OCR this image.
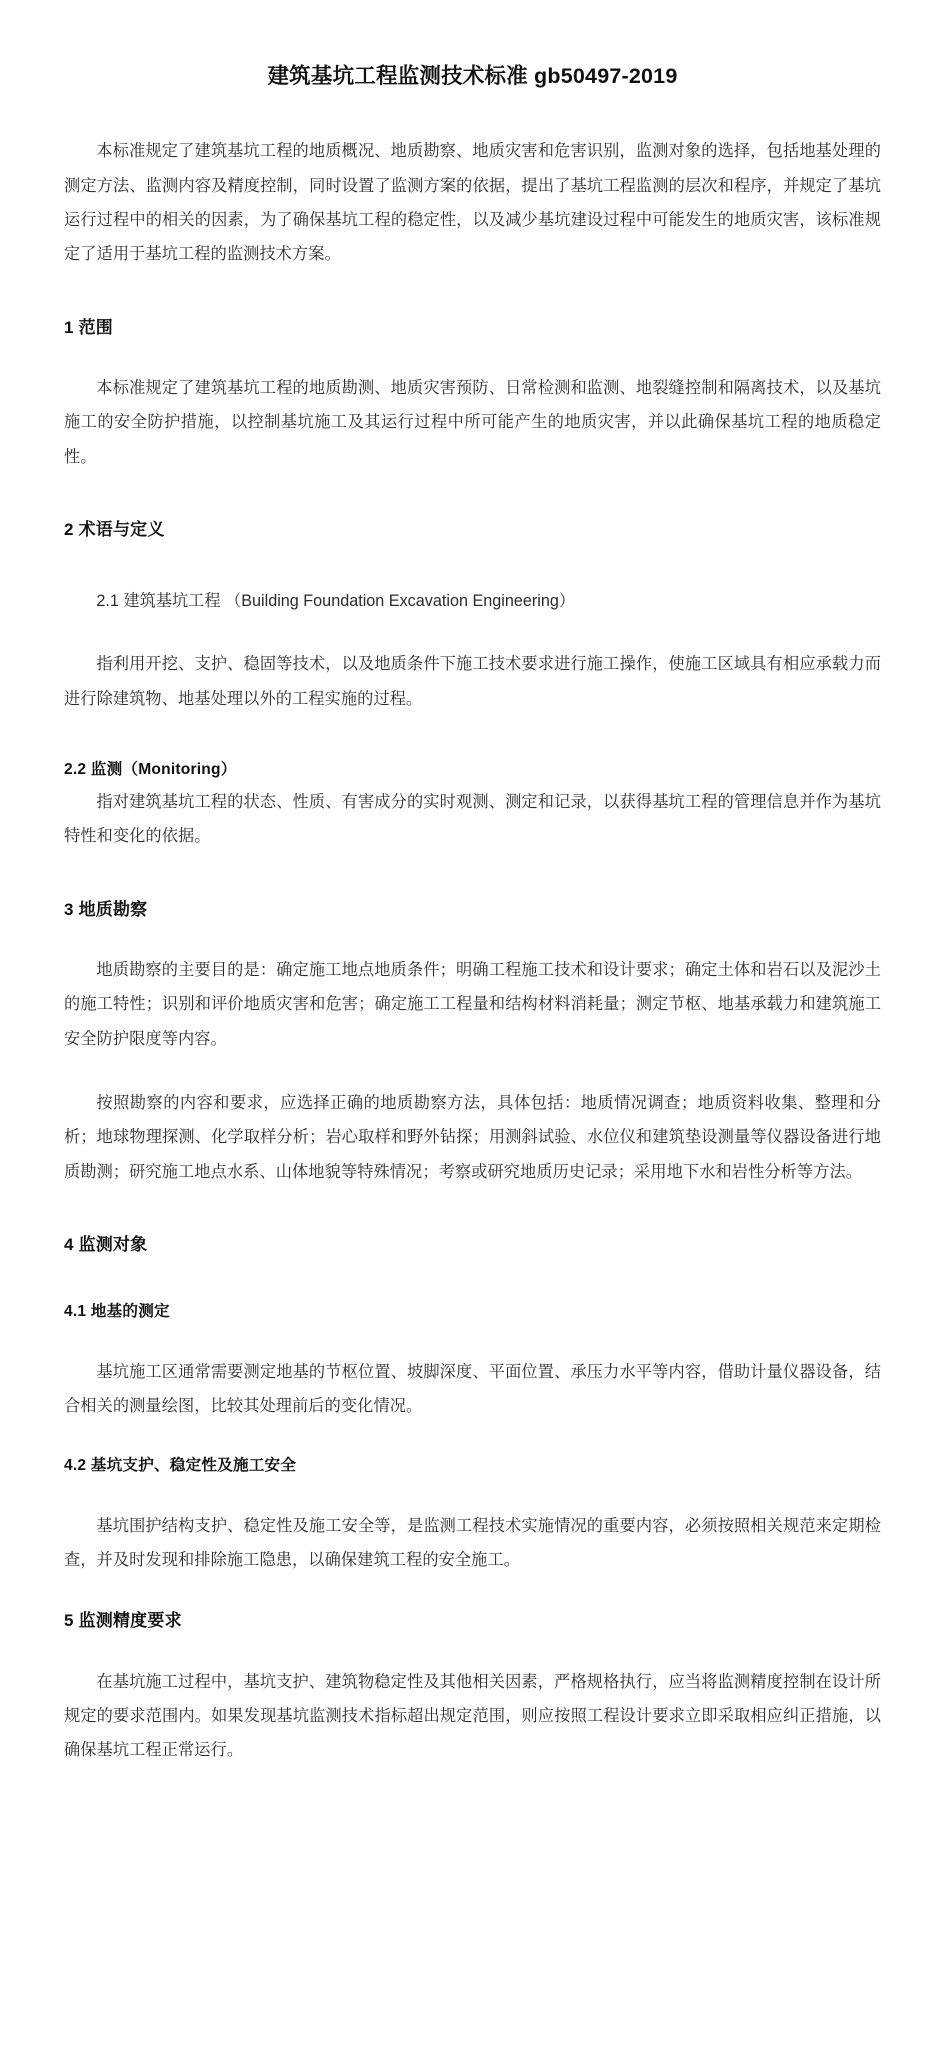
建筑基坑工程监测技术标准 gb50497-2019

本标准规定了建筑基坑工程的地质概况、地质勘察、地质灾害和危害识别，监测对象的选择，包括地基处理的测定方法、监测内容及精度控制，同时设置了监测方案的依据，提出了基坑工程监测的层次和程序，并规定了基坑运行过程中的相关的因素，为了确保基坑工程的稳定性，以及减少基坑建设过程中可能发生的地质灾害，该标准规定了适用于基坑工程的监测技术方案。

1 范围

本标准规定了建筑基坑工程的地质勘测、地质灾害预防、日常检测和监测、地裂缝控制和隔离技术，以及基坑施工的安全防护措施，以控制基坑施工及其运行过程中所可能产生的地质灾害，并以此确保基坑工程的地质稳定性。

2 术语与定义

2.1 建筑基坑工程 （Building Foundation Excavation Engineering）

指利用开挖、支护、稳固等技术，以及地质条件下施工技术要求进行施工操作，使施工区域具有相应承载力而进行除建筑物、地基处理以外的工程实施的过程。

2.2 监测（Monitoring）

指对建筑基坑工程的状态、性质、有害成分的实时观测、测定和记录，以获得基坑工程的管理信息并作为基坑特性和变化的依据。

3 地质勘察

地质勘察的主要目的是：确定施工地点地质条件；明确工程施工技术和设计要求；确定土体和岩石以及泥沙土的施工特性；识别和评价地质灾害和危害；确定施工工程量和结构材料消耗量；测定节枢、地基承载力和建筑施工安全防护限度等内容。

按照勘察的内容和要求，应选择正确的地质勘察方法，具体包括：地质情况调查；地质资料收集、整理和分析；地球物理探测、化学取样分析；岩心取样和野外钻探；用测斜试验、水位仪和建筑垫设测量等仪器设备进行地质勘测；研究施工地点水系、山体地貌等特殊情况；考察或研究地质历史记录；采用地下水和岩性分析等方法。

4 监测对象
4.1 地基的测定

基坑施工区通常需要测定地基的节枢位置、坡脚深度、平面位置、承压力水平等内容，借助计量仪器设备，结合相关的测量绘图，比较其处理前后的变化情况。

4.2 基坑支护、稳定性及施工安全

基坑围护结构支护、稳定性及施工安全等，是监测工程技术实施情况的重要内容，必须按照相关规范来定期检查，并及时发现和排除施工隐患，以确保建筑工程的安全施工。

5 监测精度要求

在基坑施工过程中，基坑支护、建筑物稳定性及其他相关因素，严格规格执行，应当将监测精度控制在设计所规定的要求范围内。如果发现基坑监测技术指标超出规定范围，则应按照工程设计要求立即采取相应纠正措施，以确保基坑工程正常运行。
